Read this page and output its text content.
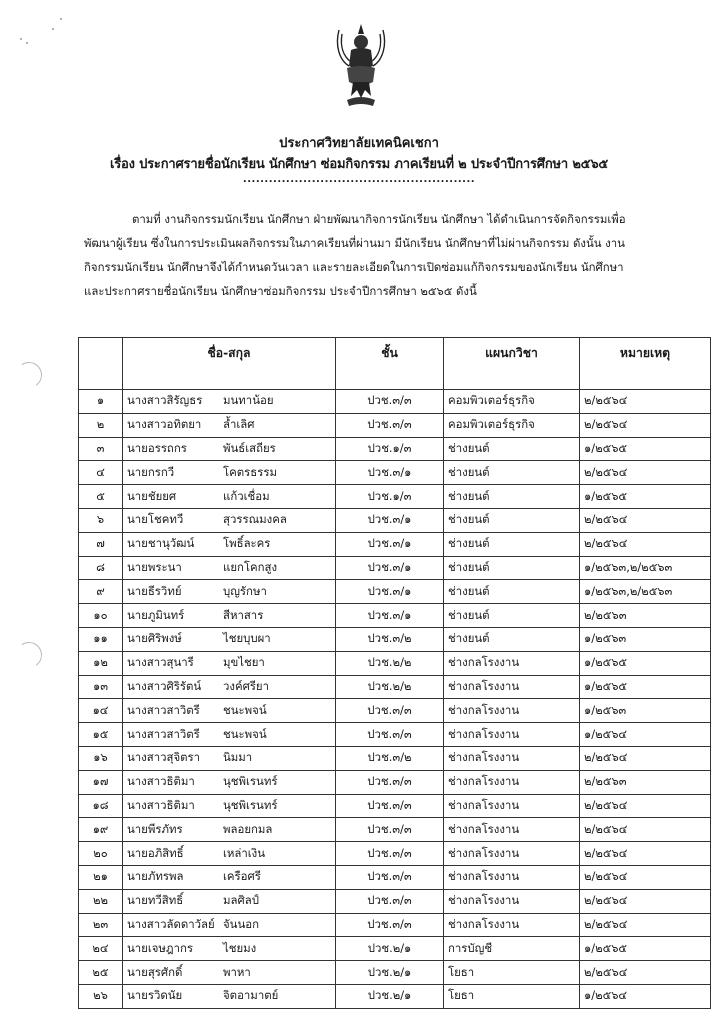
ประกาศวิทยาลัยเทคนิคเชกา
เรื่อง ประกาศรายชื่อนักเรียน นักศึกษา ซ่อมกิจกรรม ภาคเรียนที่ ๒ ประจำปีการศึกษา ๒๕๖๕
......................................................

ตามที่ งานกิจกรรมนักเรียน นักศึกษา ฝ่ายพัฒนากิจการนักเรียน นักศึกษา ได้ดำเนินการจัดกิจกรรมเพื่อ

พัฒนาผู้เรียน ซึ่งในการประเมินผลกิจกรรมในภาคเรียนที่ผ่านมา มีนักเรียน นักศึกษาที่ไม่ผ่านกิจกรรม ดังนั้น งาน

กิจกรรมนักเรียน นักศึกษาจึงได้กำหนดวันเวลา และรายละเอียดในการเปิดซ่อมแก้กิจกรรมของนักเรียน นักศึกษา

และประกาศรายชื่อนักเรียน นักศึกษาซ่อมกิจกรรม ประจำปีการศึกษา ๒๕๖๕ ดังนี้

	ชื่อ-สกุล	ชั้น	แผนกวิชา	หมายเหตุ
๑	นางสาวสิรัญธร มนทาน้อย	ปวช.๓/๓	คอมพิวเตอร์ธุรกิจ	๒/๒๕๖๔
๒	นางสาวอทิตยา ล้ำเลิศ	ปวช.๓/๓	คอมพิวเตอร์ธุรกิจ	๒/๒๕๖๔
๓	นายอรรถกร พันธ์เสถียร	ปวช.๑/๓	ช่างยนต์	๑/๒๕๖๕
๔	นายกรกวี โคตรธรรม	ปวช.๓/๑	ช่างยนต์	๒/๒๕๖๔
๕	นายชัยยศ แก้วเชื่อม	ปวช.๑/๓	ช่างยนต์	๑/๒๕๖๕
๖	นายโชคทวี สุวรรณมงคล	ปวช.๓/๑	ช่างยนต์	๒/๒๕๖๔
๗	นายชานุวัฒน์ โพธิ์ละคร	ปวช.๓/๑	ช่างยนต์	๒/๒๕๖๔
๘	นายพระนา แยกโคกสูง	ปวช.๓/๑	ช่างยนต์	๑/๒๕๖๓,๒/๒๕๖๓
๙	นายธีรวิทย์ บุญรักษา	ปวช.๓/๑	ช่างยนต์	๑/๒๕๖๓,๒/๒๕๖๓
๑๐	นายภูมินทร์ สีหาสาร	ปวช.๓/๑	ช่างยนต์	๒/๒๕๖๓
๑๑	นายศิริพงษ์ ไชยบุบผา	ปวช.๓/๒	ช่างยนต์	๑/๒๕๖๓
๑๒	นางสาวสุนารี มุขไชยา	ปวช.๒/๒	ช่างกลโรงงาน	๑/๒๕๖๕
๑๓	นางสาวศิริรัตน์ วงค์ศรียา	ปวช.๒/๒	ช่างกลโรงงาน	๑/๒๕๖๕
๑๔	นางสาวสาวิตรี ชนะพจน์	ปวช.๓/๓	ช่างกลโรงงาน	๑/๒๕๖๓
๑๕	นางสาวสาวิตรี ชนะพจน์	ปวช.๓/๓	ช่างกลโรงงาน	๑/๒๕๖๔
๑๖	นางสาวสุจิตรา นิมมา	ปวช.๓/๒	ช่างกลโรงงาน	๒/๒๕๖๔
๑๗	นางสาวธิติมา นุชพิเรนทร์	ปวช.๓/๓	ช่างกลโรงงาน	๒/๒๕๖๓
๑๘	นางสาวธิติมา นุชพิเรนทร์	ปวช.๓/๓	ช่างกลโรงงาน	๒/๒๕๖๔
๑๙	นายพีรภัทร พลอยกมล	ปวช.๓/๓	ช่างกลโรงงาน	๒/๒๕๖๔
๒๐	นายอภิสิทธิ์ เหล่าเงิน	ปวช.๓/๓	ช่างกลโรงงาน	๒/๒๕๖๔
๒๑	นายภัทรพล เครือศรี	ปวช.๓/๓	ช่างกลโรงงาน	๒/๒๕๖๔
๒๒	นายทวีสิทธิ์ มลศิลป์	ปวช.๓/๓	ช่างกลโรงงาน	๒/๒๕๖๔
๒๓	นางสาวลัดดาวัลย์ จันนอก	ปวช.๓/๓	ช่างกลโรงงาน	๒/๒๕๖๔
๒๔	นายเจษฎากร ไชยมง	ปวช.๒/๑	การบัญชี	๑/๒๕๖๕
๒๕	นายสุรศักดิ์ พาหา	ปวช.๒/๑	โยธา	๒/๒๕๖๔
๒๖	นายรวิดนัย จิตอามาตย์	ปวช.๒/๑	โยธา	๑/๒๕๖๔
